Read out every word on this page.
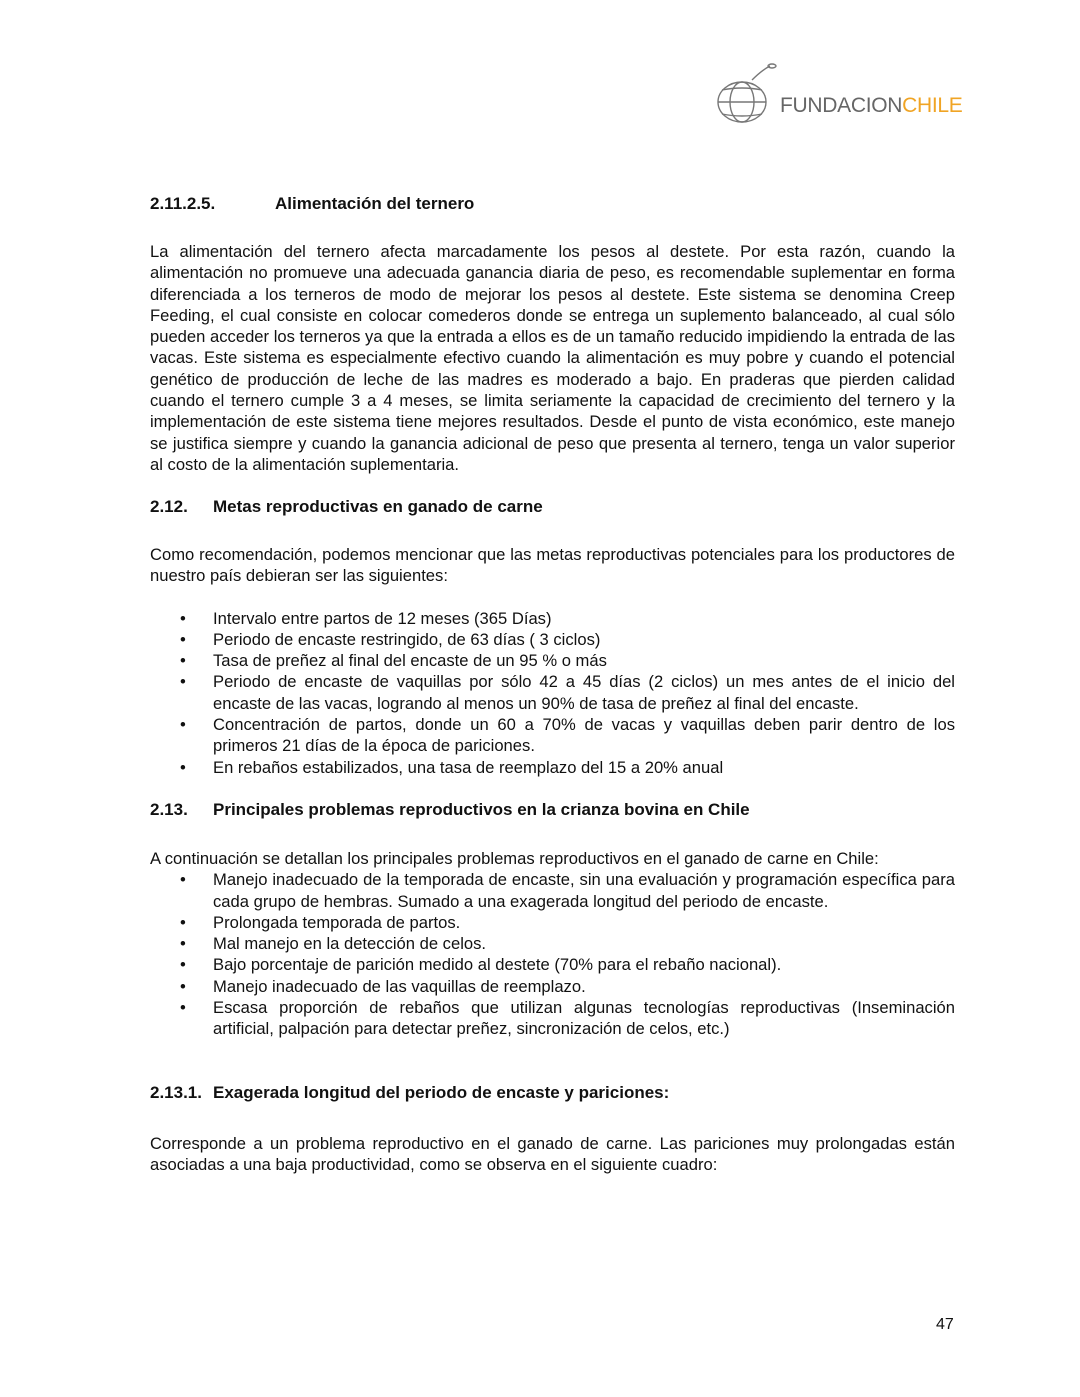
FUNDACIONCHILE
2.11.2.5.	Alimentación del ternero

La alimentación del ternero afecta marcadamente los pesos al destete. Por esta razón, cuando la alimentación no promueve una adecuada ganancia diaria de peso, es recomendable suplementar en forma diferenciada a los terneros de modo de mejorar los pesos al destete. Este sistema se denomina Creep Feeding, el cual consiste en colocar comederos donde se entrega un suplemento balanceado, al cual sólo pueden acceder los terneros ya que la entrada a ellos es de un tamaño reducido impidiendo la entrada de las vacas. Este sistema es especialmente efectivo cuando la alimentación es muy pobre y cuando el potencial genético de producción de leche de las madres es moderado a bajo. En praderas que pierden calidad cuando el ternero cumple 3 a 4 meses, se limita seriamente la capacidad de crecimiento del ternero y la implementación de este sistema tiene mejores resultados. Desde el punto de vista económico, este manejo se justifica siempre y cuando la ganancia adicional de peso que presenta al ternero, tenga un valor superior al costo de la alimentación suplementaria.

2.12. Metas reproductivas en ganado de carne

Como recomendación, podemos mencionar que las metas reproductivas potenciales para los productores de nuestro país debieran ser las siguientes:

• Intervalo entre partos de 12 meses (365 Días)
• Periodo de encaste restringido, de 63 días ( 3 ciclos)
• Tasa de preñez al final del encaste de un 95 % o más
• Periodo de encaste de vaquillas por sólo 42 a 45 días (2 ciclos) un mes antes de el inicio del encaste de las vacas, logrando al menos un 90% de tasa de preñez al final del encaste.
• Concentración de partos, donde un 60 a 70% de vacas y vaquillas deben parir dentro de los primeros 21 días de la época de pariciones.
• En rebaños estabilizados, una tasa de reemplazo del 15 a 20% anual
2.13. Principales problemas reproductivos en la crianza bovina en Chile

A continuación se detallan los principales problemas reproductivos en el ganado de carne en Chile:

• Manejo inadecuado de la temporada de encaste, sin una evaluación y programación específica para cada grupo de hembras. Sumado a una exagerada longitud del periodo de encaste.
• Prolongada temporada de partos.
• Mal manejo en la detección de celos.
• Bajo porcentaje de parición medido al destete (70% para el rebaño nacional).
• Manejo inadecuado de las vaquillas de reemplazo.
• Escasa proporción de rebaños que utilizan algunas tecnologías reproductivas (Inseminación artificial, palpación para detectar preñez, sincronización de celos, etc.)
2.13.1. Exagerada longitud del periodo de encaste y pariciones:

Corresponde a un problema reproductivo en el ganado de carne. Las pariciones muy prolongadas están asociadas a una baja productividad, como se observa en el siguiente cuadro:

47
